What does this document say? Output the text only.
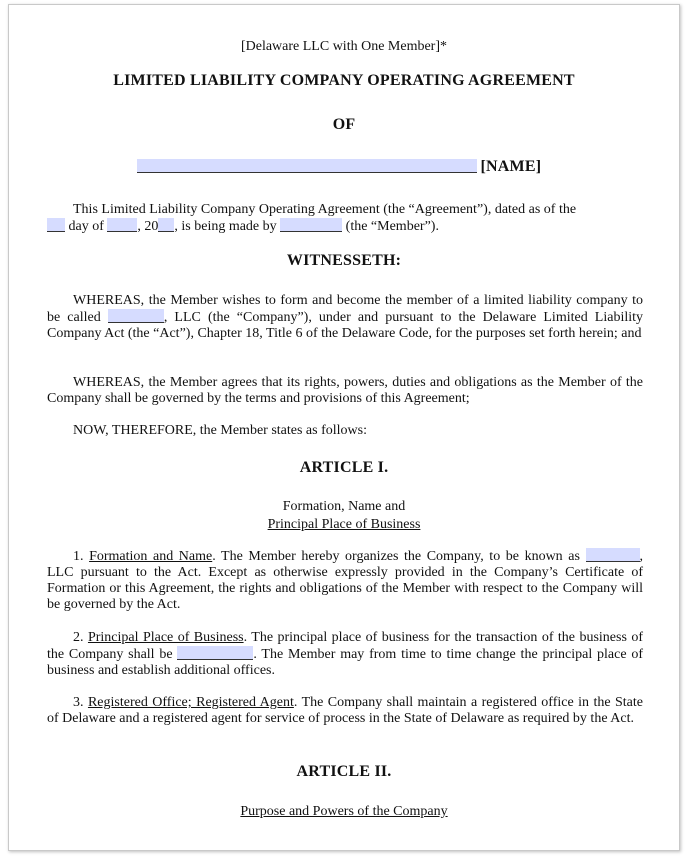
[Delaware LLC with One Member]*
LIMITED LIABILITY COMPANY OPERATING AGREEMENT
OF
[NAME]
This Limited Liability Company Operating Agreement (the “Agreement”), dated as of the
day of , 20 , is being made by	(the “Member”).
WITNESSETH:
WHEREAS, the Member wishes to form and become the member of a limited liability company to be called	, LLC (the “Company”), under and pursuant to the Delaware Limited Liability Company Act (the “Act”), Chapter 18, Title 6 of the Delaware Code, for the purposes set forth herein; and
WHEREAS, the Member agrees that its rights, powers, duties and obligations as the Member of the Company shall be governed by the terms and provisions of this Agreement;
NOW, THEREFORE, the Member states as follows:
ARTICLE I.
Formation, Name and
Principal Place of Business
1. Formation and Name. The Member hereby organizes the Company, to be known as	, LLC pursuant to the Act. Except as otherwise expressly provided in the Company’s Certificate of Formation or this Agreement, the rights and obligations of the Member with respect to the Company will be governed by the Act.
2. Principal Place of Business. The principal place of business for the transaction of the business of the Company shall be	. The Member may from time to time change the principal place of business and establish additional offices.
3. Registered Office; Registered Agent. The Company shall maintain a registered office in the State of Delaware and a registered agent for service of process in the State of Delaware as required by the Act.
ARTICLE II.
Purpose and Powers of the Company
